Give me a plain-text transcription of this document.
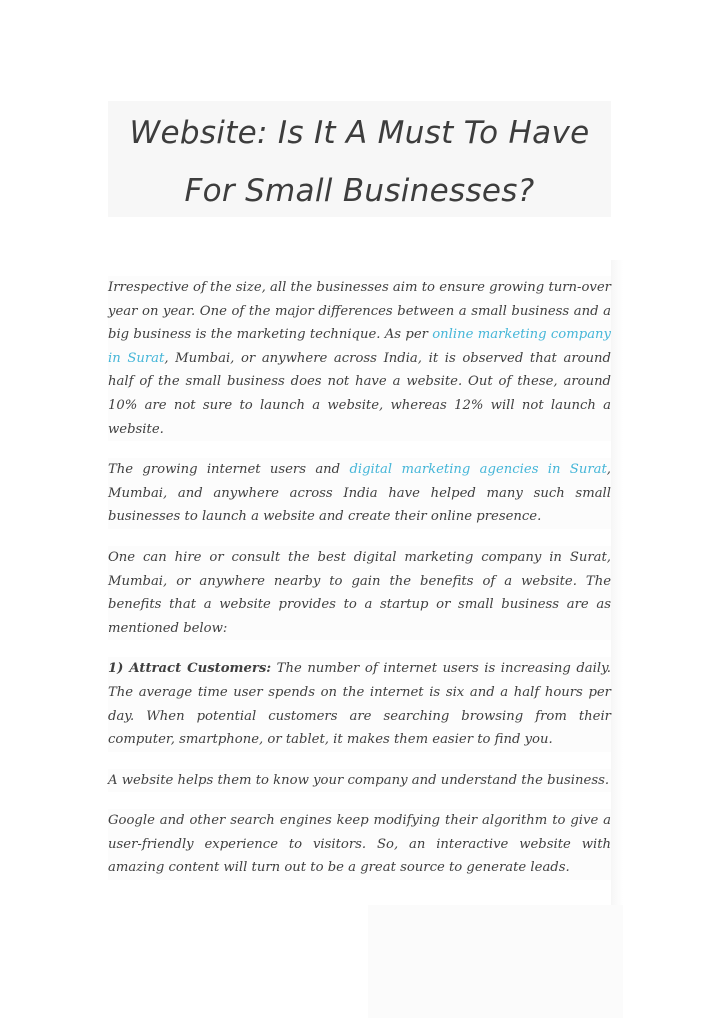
Website: Is It A Must To Have
For Small Businesses?

Irrespective of the size, all the businesses aim to ensure growing turn-over year on year. One of the major differences between a small business and a big business is the marketing technique. As per online marketing company in Surat, Mumbai, or anywhere across India, it is observed that around half of the small business does not have a website. Out of these, around 10% are not sure to launch a website, whereas 12% will not launch a website.

The growing internet users and digital marketing agencies in Surat, Mumbai, and anywhere across India have helped many such small businesses to launch a website and create their online presence.

One can hire or consult the best digital marketing company in Surat, Mumbai, or anywhere nearby to gain the benefits of a website. The benefits that a website provides to a startup or small business are as mentioned below:

1) Attract Customers: The number of internet users is increasing daily. The average time user spends on the internet is six and a half hours per day. When potential customers are searching browsing from their computer, smartphone, or tablet, it makes them easier to find you.

A website helps them to know your company and understand the business.

Google and other search engines keep modifying their algorithm to give a user-friendly experience to visitors. So, an interactive website with amazing content will turn out to be a great source to generate leads.
